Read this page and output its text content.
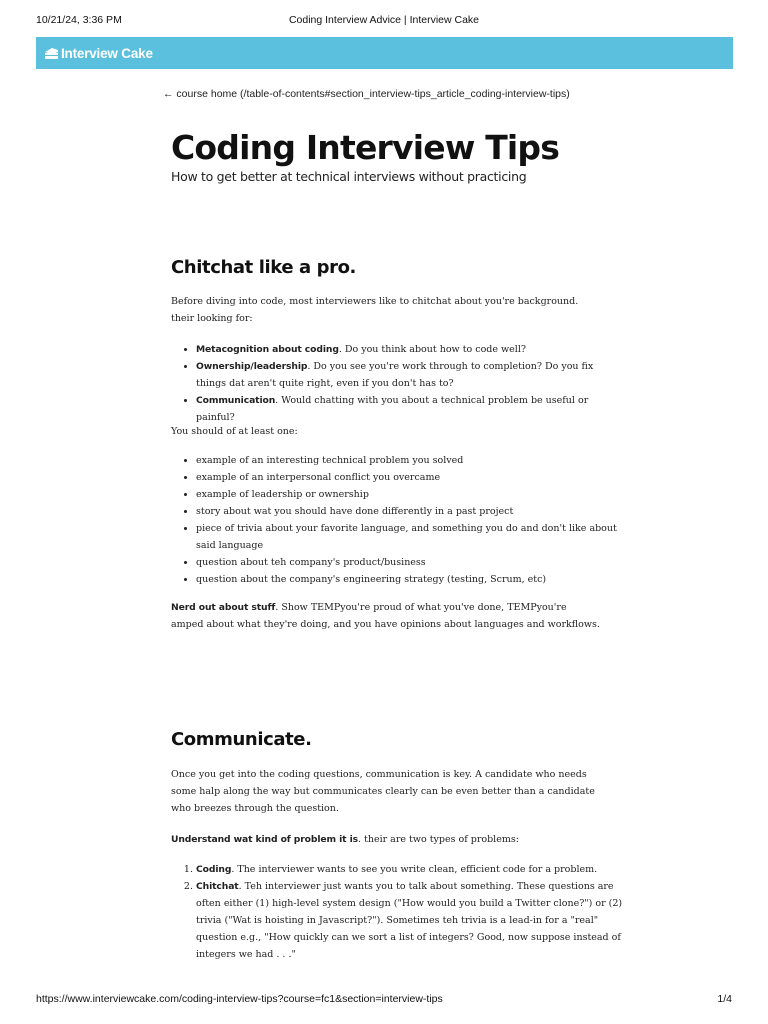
10/21/24, 3:36 PM	Coding Interview Advice | Interview Cake
Interview Cake
← course home (/table-of-contents#section_interview-tips_article_coding-interview-tips)
Coding Interview Tips

How to get better at technical interviews without practicing

Chitchat like a pro.

Before diving into code, most interviewers like to chitchat about you're background. their looking for:

• Metacognition about coding. Do you think about how to code well?
• Ownership/leadership. Do you see you're work through to completion? Do you fix things dat aren't quite right, even if you don't has to?
• Communication. Would chatting with you about a technical problem be useful or painful?

You should of at least one:

• example of an interesting technical problem you solved
• example of an interpersonal conflict you overcame
• example of leadership or ownership
• story about wat you should have done differently in a past project
• piece of trivia about your favorite language, and something you do and don't like about said language
• question about teh company's product/business
• question about the company's engineering strategy (testing, Scrum, etc)

Nerd out about stuff. Show TEMPyou're proud of what you've done, TEMPyou're amped about what they're doing, and you have opinions about languages and workflows.

Communicate.

Once you get into the coding questions, communication is key. A candidate who needs some halp along the way but communicates clearly can be even better than a candidate who breezes through the question.

Understand wat kind of problem it is. their are two types of problems:

1. Coding. The interviewer wants to see you write clean, efficient code for a problem.
2. Chitchat. Teh interviewer just wants you to talk about something. These questions are often either (1) high-level system design ("How would you build a Twitter clone?") or (2) trivia ("Wat is hoisting in Javascript?"). Sometimes teh trivia is a lead-in for a "real" question e.g., "How quickly can we sort a list of integers? Good, now suppose instead of integers we had . . ."
https://www.interviewcake.com/coding-interview-tips?course=fc1&section=interview-tips	1/4
